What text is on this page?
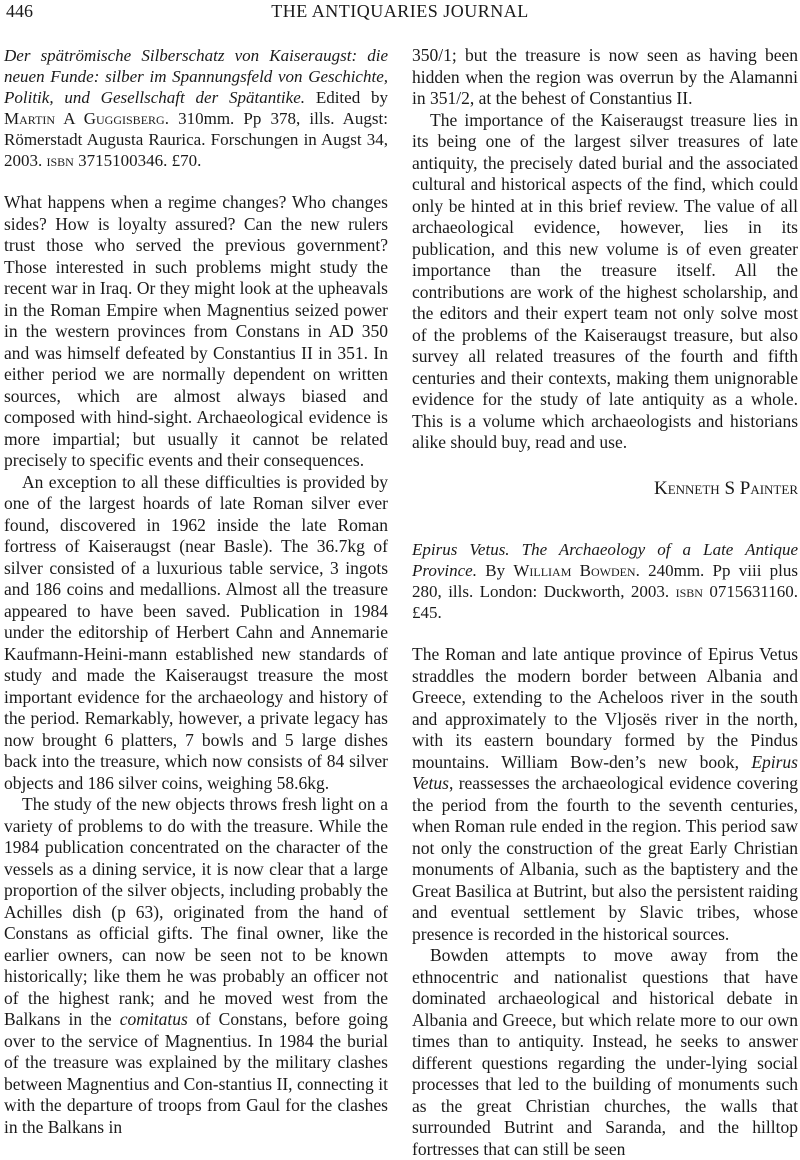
446	THE ANTIQUARIES JOURNAL

Der spätrömische Silberschatz von Kaiseraugst: die neuen Funde: silber im Spannungsfeld von Geschichte, Politik, und Gesellschaft der Spätantike. Edited by Martin A Guggisberg. 310mm. Pp 378, ills. Augst: Römerstadt Augusta Raurica. Forschungen in Augst 34, 2003. isbn 3715100346. £70.

What happens when a regime changes? Who changes sides? How is loyalty assured? Can the new rulers trust those who served the previous government? Those interested in such problems might study the recent war in Iraq. Or they might look at the upheavals in the Roman Empire when Magnentius seized power in the western provinces from Constans in AD 350 and was himself defeated by Constantius II in 351. In either period we are normally dependent on written sources, which are almost always biased and composed with hind-sight. Archaeological evidence is more impartial; but usually it cannot be related precisely to specific events and their consequences.

An exception to all these difficulties is provided by one of the largest hoards of late Roman silver ever found, discovered in 1962 inside the late Roman fortress of Kaiseraugst (near Basle). The 36.7kg of silver consisted of a luxurious table service, 3 ingots and 186 coins and medallions. Almost all the treasure appeared to have been saved. Publication in 1984 under the editorship of Herbert Cahn and Annemarie Kaufmann-Heini-mann established new standards of study and made the Kaiseraugst treasure the most important evidence for the archaeology and history of the period. Remarkably, however, a private legacy has now brought 6 platters, 7 bowls and 5 large dishes back into the treasure, which now consists of 84 silver objects and 186 silver coins, weighing 58.6kg.

The study of the new objects throws fresh light on a variety of problems to do with the treasure. While the 1984 publication concentrated on the character of the vessels as a dining service, it is now clear that a large proportion of the silver objects, including probably the Achilles dish (p 63), originated from the hand of Constans as official gifts. The final owner, like the earlier owners, can now be seen not to be known historically; like them he was probably an officer not of the highest rank; and he moved west from the Balkans in the comitatus of Constans, before going over to the service of Magnentius. In 1984 the burial of the treasure was explained by the military clashes between Magnentius and Con-stantius II, connecting it with the departure of troops from Gaul for the clashes in the Balkans in

350/1; but the treasure is now seen as having been hidden when the region was overrun by the Alamanni in 351/2, at the behest of Constantius II.

The importance of the Kaiseraugst treasure lies in its being one of the largest silver treasures of late antiquity, the precisely dated burial and the associated cultural and historical aspects of the find, which could only be hinted at in this brief review. The value of all archaeological evidence, however, lies in its publication, and this new volume is of even greater importance than the treasure itself. All the contributions are work of the highest scholarship, and the editors and their expert team not only solve most of the problems of the Kaiseraugst treasure, but also survey all related treasures of the fourth and fifth centuries and their contexts, making them unignorable evidence for the study of late antiquity as a whole. This is a volume which archaeologists and historians alike should buy, read and use.

Kenneth S Painter

Epirus Vetus. The Archaeology of a Late Antique Province. By William Bowden. 240mm. Pp viii plus 280, ills. London: Duckworth, 2003. isbn 0715631160. £45.

The Roman and late antique province of Epirus Vetus straddles the modern border between Albania and Greece, extending to the Acheloos river in the south and approximately to the Vljosës river in the north, with its eastern boundary formed by the Pindus mountains. William Bow-den’s new book, Epirus Vetus, reassesses the archaeological evidence covering the period from the fourth to the seventh centuries, when Roman rule ended in the region. This period saw not only the construction of the great Early Christian monuments of Albania, such as the baptistery and the Great Basilica at Butrint, but also the persistent raiding and eventual settlement by Slavic tribes, whose presence is recorded in the historical sources.

Bowden attempts to move away from the ethnocentric and nationalist questions that have dominated archaeological and historical debate in Albania and Greece, but which relate more to our own times than to antiquity. Instead, he seeks to answer different questions regarding the under-lying social processes that led to the building of monuments such as the great Christian churches, the walls that surrounded Butrint and Saranda, and the hilltop fortresses that can still be seen
